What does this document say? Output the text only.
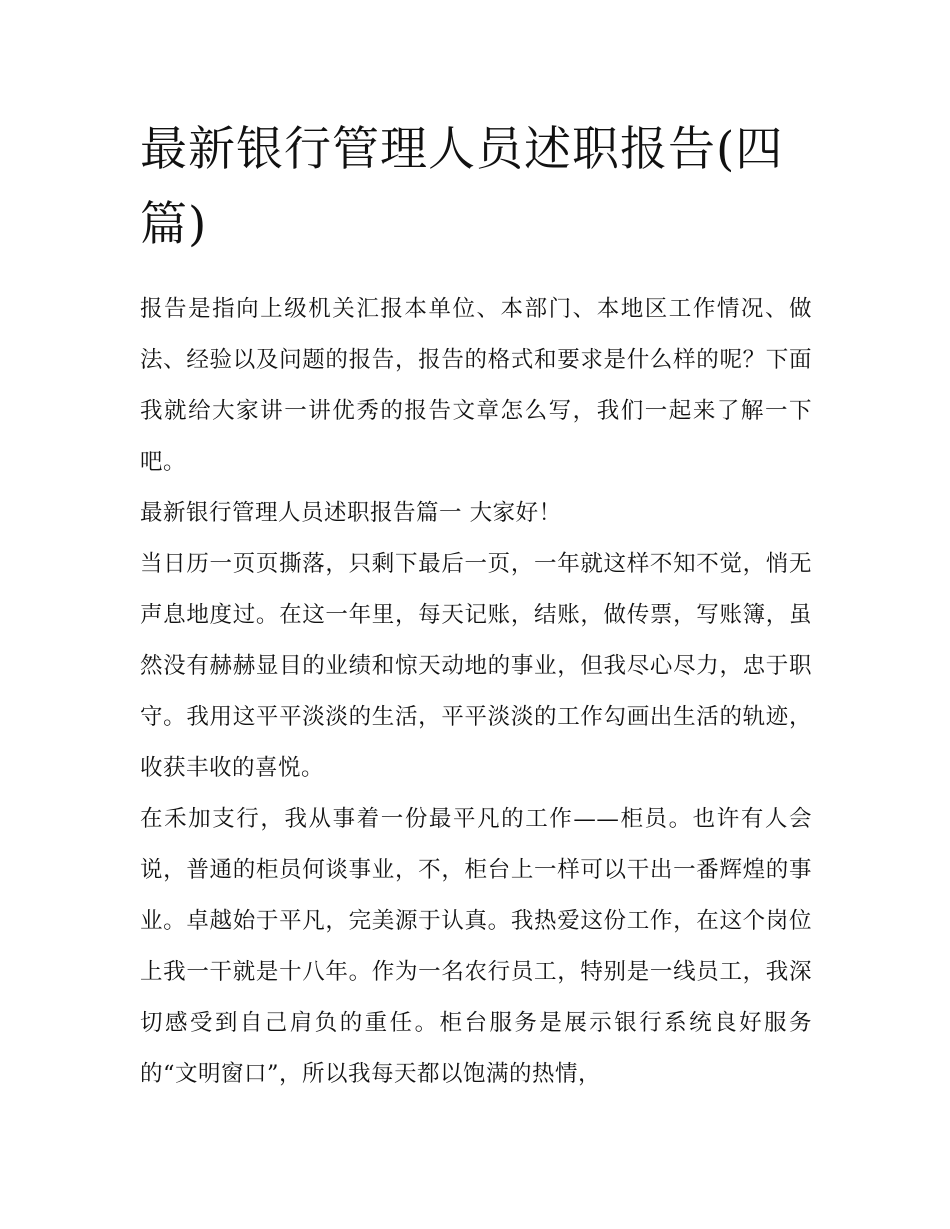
最新银行管理人员述职报告(四篇)

报告是指向上级机关汇报本单位、本部门、本地区工作情况、做法、经验以及问题的报告，报告的格式和要求是什么样的呢？下面我就给大家讲一讲优秀的报告文章怎么写，我们一起来了解一下吧。

最新银行管理人员述职报告篇一 大家好！

当日历一页页撕落，只剩下最后一页，一年就这样不知不觉，悄无声息地度过。在这一年里，每天记账，结账，做传票，写账簿，虽然没有赫赫显目的业绩和惊天动地的事业，但我尽心尽力，忠于职守。我用这平平淡淡的生活，平平淡淡的工作勾画出生活的轨迹，收获丰收的喜悦。

在禾加支行，我从事着一份最平凡的工作——柜员。也许有人会说，普通的柜员何谈事业，不，柜台上一样可以干出一番辉煌的事业。卓越始于平凡，完美源于认真。我热爱这份工作，在这个岗位上我一干就是十八年。作为一名农行员工，特别是一线员工，我深切感受到自己肩负的重任。柜台服务是展示银行系统良好服务的“文明窗口”，所以我每天都以饱满的热情，
